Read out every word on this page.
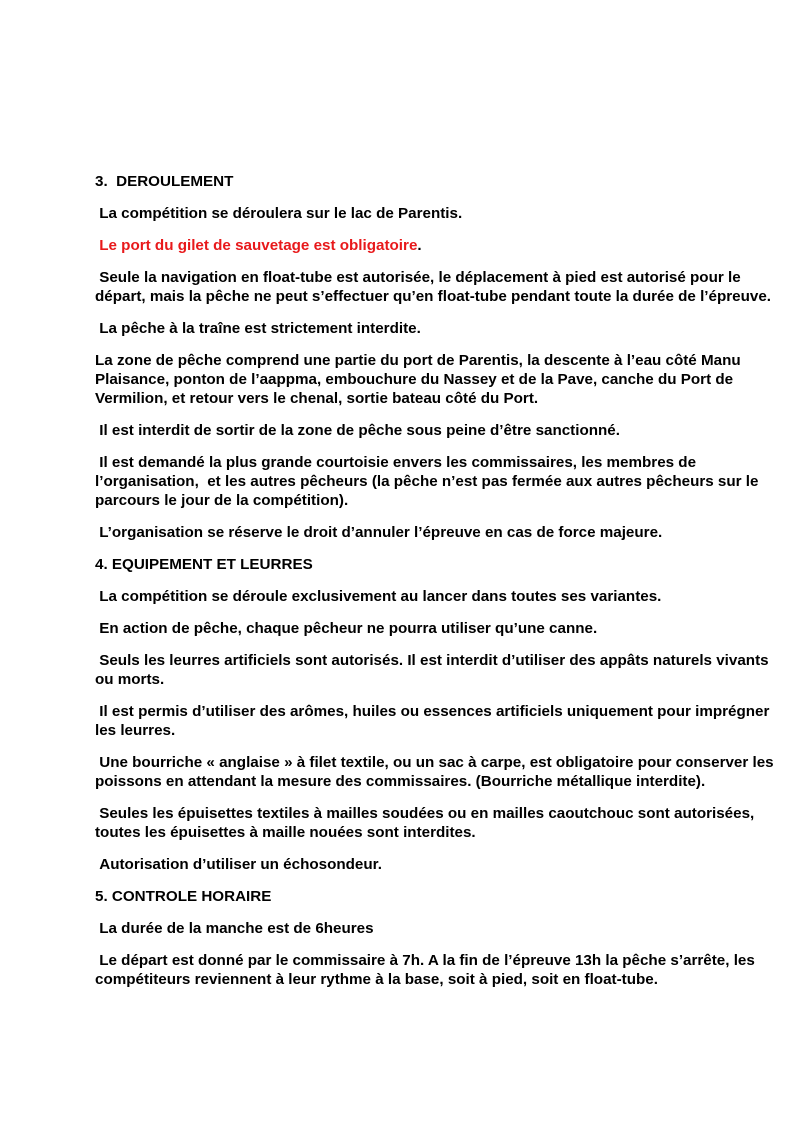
3.  DEROULEMENT

La compétition se déroulera sur le lac de Parentis.

Le port du gilet de sauvetage est obligatoire.

Seule la navigation en float-tube est autorisée, le déplacement à pied est autorisé pour le départ, mais la pêche ne peut s’effectuer qu’en float-tube pendant toute la durée de l’épreuve.

La pêche à la traîne est strictement interdite.

La zone de pêche comprend une partie du port de Parentis, la descente à l’eau côté Manu Plaisance, ponton de l’aappma, embouchure du Nassey et de la Pave, canche du Port de Vermilion, et retour vers le chenal, sortie bateau côté du Port.

Il est interdit de sortir de la zone de pêche sous peine d’être sanctionné.

Il est demandé la plus grande courtoisie envers les commissaires, les membres de l’organisation,  et les autres pêcheurs (la pêche n’est pas fermée aux autres pêcheurs sur le parcours le jour de la compétition).

L’organisation se réserve le droit d’annuler l’épreuve en cas de force majeure.

4. EQUIPEMENT ET LEURRES

La compétition se déroule exclusivement au lancer dans toutes ses variantes.

En action de pêche, chaque pêcheur ne pourra utiliser qu’une canne.

Seuls les leurres artificiels sont autorisés. Il est interdit d’utiliser des appâts naturels vivants ou morts.

Il est permis d’utiliser des arômes, huiles ou essences artificiels uniquement pour imprégner les leurres.

Une bourriche « anglaise » à filet textile, ou un sac à carpe, est obligatoire pour conserver les poissons en attendant la mesure des commissaires. (Bourriche métallique interdite).

Seules les épuisettes textiles à mailles soudées ou en mailles caoutchouc sont autorisées, toutes les épuisettes à maille nouées sont interdites.

Autorisation d’utiliser un échosondeur.

5. CONTROLE HORAIRE

La durée de la manche est de 6heures

Le départ est donné par le commissaire à 7h. A la fin de l’épreuve 13h la pêche s’arrête, les compétiteurs reviennent à leur rythme à la base, soit à pied, soit en float-tube.
